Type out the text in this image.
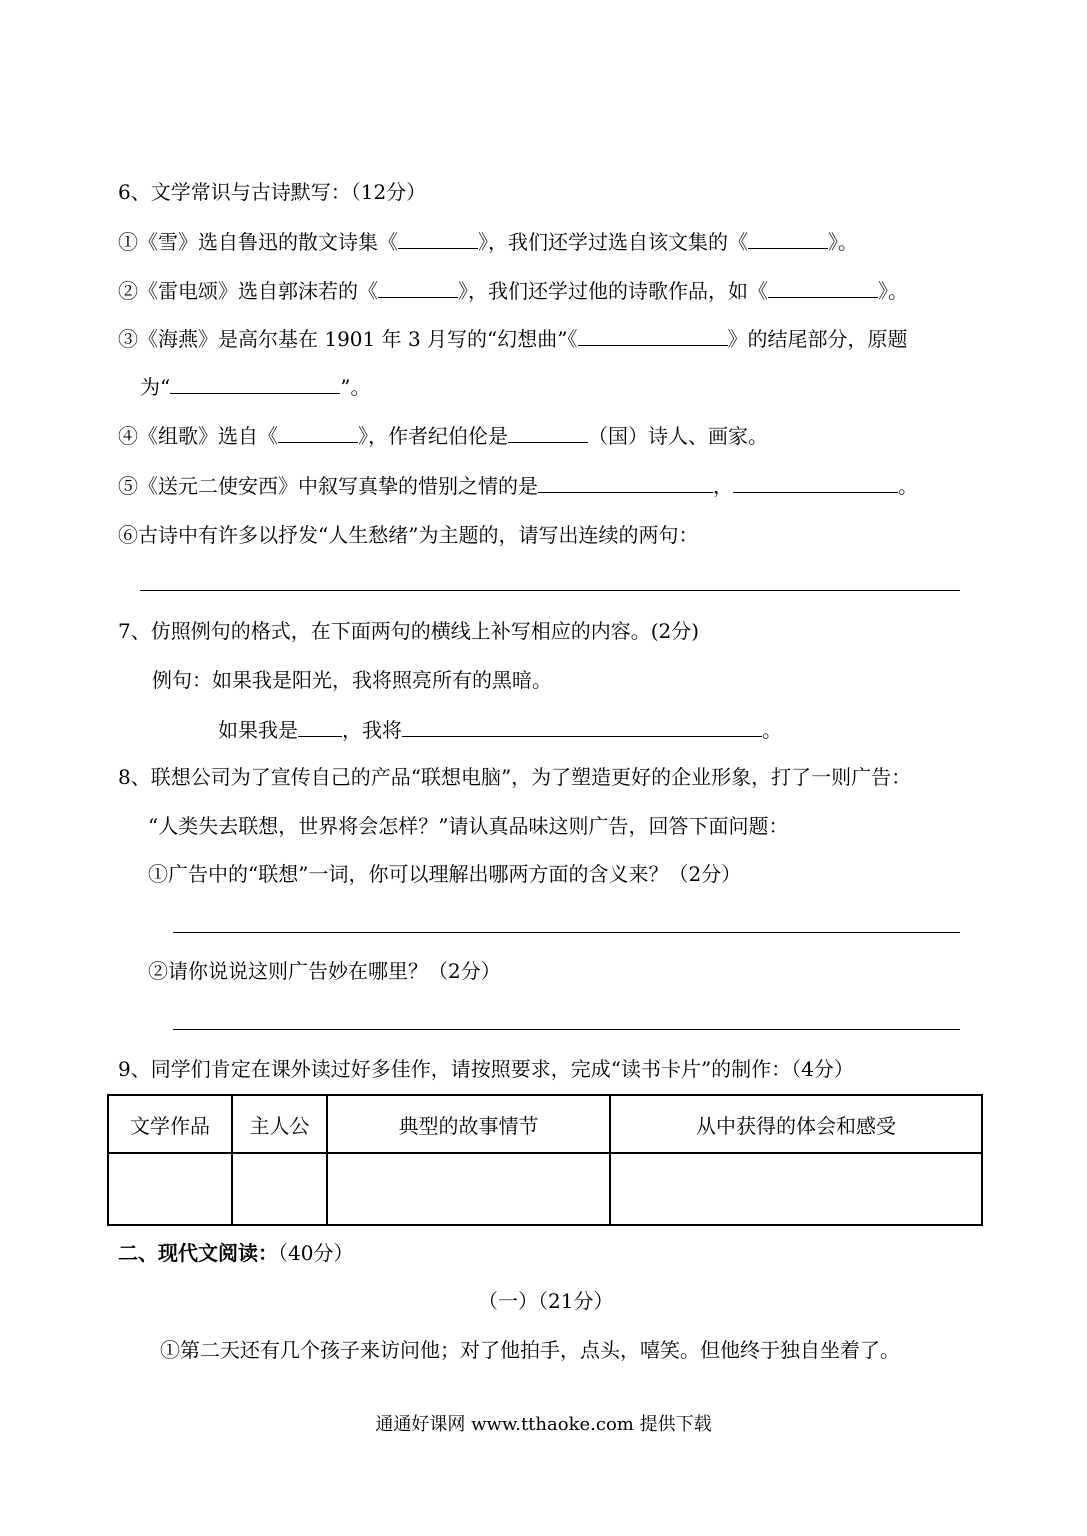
6、文学常识与古诗默写：（12分）
①《雪》选自鲁迅的散文诗集《	》，我们还学过选自该文集的《	》。
②《雷电颂》选自郭沫若的《	》，我们还学过他的诗歌作品，如《	》。
③《海燕》是高尔基在 1901 年 3 月写的“幻想曲”《	》的结尾部分，原题
为“	”。
④《组歌》选自《	》，作者纪伯伦是	（国）诗人、画家。
⑤《送元二使安西》中叙写真挚的惜别之情的是	，	。
⑥古诗中有许多以抒发“人生愁绪”为主题的，请写出连续的两句：
7、仿照例句的格式，在下面两句的横线上补写相应的内容。(2分)
例句：如果我是阳光，我将照亮所有的黑暗。
如果我是 ，我将	。
8、联想公司为了宣传自己的产品“联想电脑”，为了塑造更好的企业形象，打了一则广告：
“人类失去联想，世界将会怎样？”请认真品味这则广告，回答下面问题：
①广告中的“联想”一词，你可以理解出哪两方面的含义来？（2分）
②请你说说这则广告妙在哪里？（2分）
9、同学们肯定在课外读过好多佳作，请按照要求，完成“读书卡片”的制作：（4分）
文学作品	主人公	典型的故事情节	从中获得的体会和感受

二、现代文阅读：（40分）
（一）（21分）
①第二天还有几个孩子来访问他；对了他拍手，点头，嘻笑。但他终于独自坐着了。
通通好课网 www.tthaoke.com 提供下载
